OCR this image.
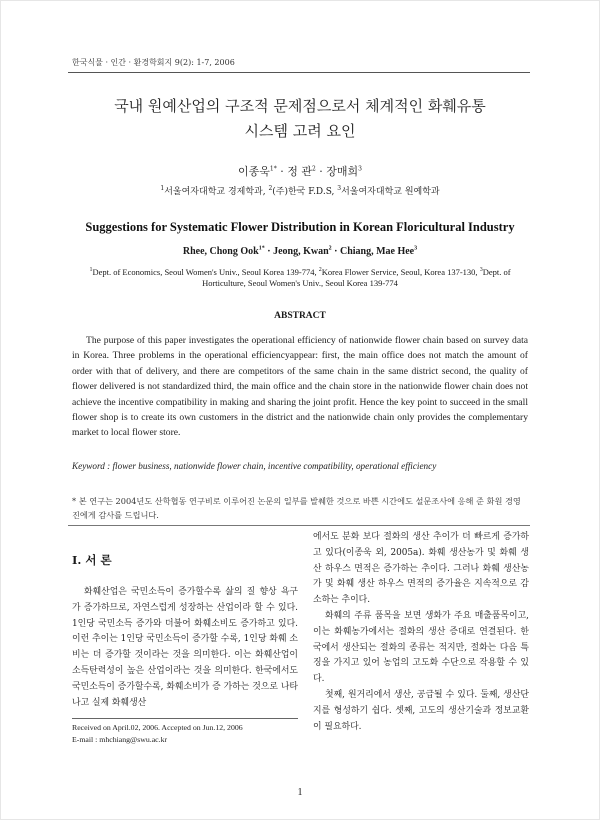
한국식물 · 인간 · 환경학회지 9(2): 1-7, 2006
국내 원예산업의 구조적 문제점으로서 체계적인 화훼유통
시스템 고려 요인
이종욱$^{1*}$ · 정 관$^2$ · 장매희$^3$
$^1$서울여자대학교 경제학과, $^2$(주)한국 F.D.S, $^3$서울여자대학교 원예학과
Suggestions for Systematic Flower Distribution in Korean Floricultural Industry
Rhee, Chong Ook$^{1*}$ · Jeong, Kwan$^2$ · Chiang, Mae Hee$^3$
$^1$Dept. of Economics, Seoul Women's Univ., Seoul Korea 139-774, $^2$Korea Flower Service, Seoul, Korea 137-130, $^3$Dept. of Horticulture, Seoul Women's Univ., Seoul Korea 139-774
ABSTRACT
The purpose of this paper investigates the operational efficiency of nationwide flower chain based on survey data in Korea. Three problems in the operational efficiencyappear: first, the main office does not match the amount of order with that of delivery, and there are competitors of the same chain in the same district second, the quality of flower delivered is not standardized third, the main office and the chain store in the nationwide flower chain does not achieve the incentive compatibility in making and sharing the joint profit. Hence the key point to succeed in the small flower shop is to create its own customers in the district and the nationwide chain only provides the complementary market to local flower store.
Keyword : flower business, nationwide flower chain, incentive compatibility, operational efficiency
* 본 연구는 2004년도 산학협동 연구비로 이루어진 논문의 일부를 발췌한 것으로 바쁜 시간에도 설문조사에 응해 준 화원 경영진에게 감사를 드립니다.
I. 서 론
화훼산업은 국민소득이 증가할수록 삶의 질 향상 욕구가 증가하므로, 자연스럽게 성장하는 산업이라 할 수 있다. 1인당 국민소득 증가와 더불어 화훼소비도 증가하고 있다. 이런 추이는 1인당 국민소득이 증가할 수록, 1인당 화훼 소비는 더 증가할 것이라는 것을 의미한다. 이는 화훼산업이 소득탄력성이 높은 산업이라는 것을 의미한다. 한국에서도 국민소득이 증가할수록, 화훼소비가 증 가하는 것으로 나타나고 실제 화훼생산

에서도 분화 보다 절화의 생산 추이가 더 빠르게 증가하고 있다(이종욱 외, 2005a). 화훼 생산농가 및 화훼 생산 하우스 면적은 증가하는 추이다. 그러나 화훼 생산농가 및 화훼 생산 하우스 면적의 증가율은 지속적으로 감소하는 추이다.

화훼의 주류 품목을 보면 생화가 주요 매출품목이고, 이는 화훼농가에서는 절화의 생산 증대로 연결된다. 한국에서 생산되는 절화의 종류는 적지만, 절화는 다음 특징을 가지고 있어 농업의 고도화 수단으로 작용할 수 있다.

첫째, 원거리에서 생산, 공급될 수 있다. 둘째, 생산단지를 형성하기 쉽다. 셋째, 고도의 생산기술과 정보교환이 필요하다.

Received on April.02, 2006. Accepted on Jun.12, 2006
E-mail : mhchiang@swu.ac.kr
1
